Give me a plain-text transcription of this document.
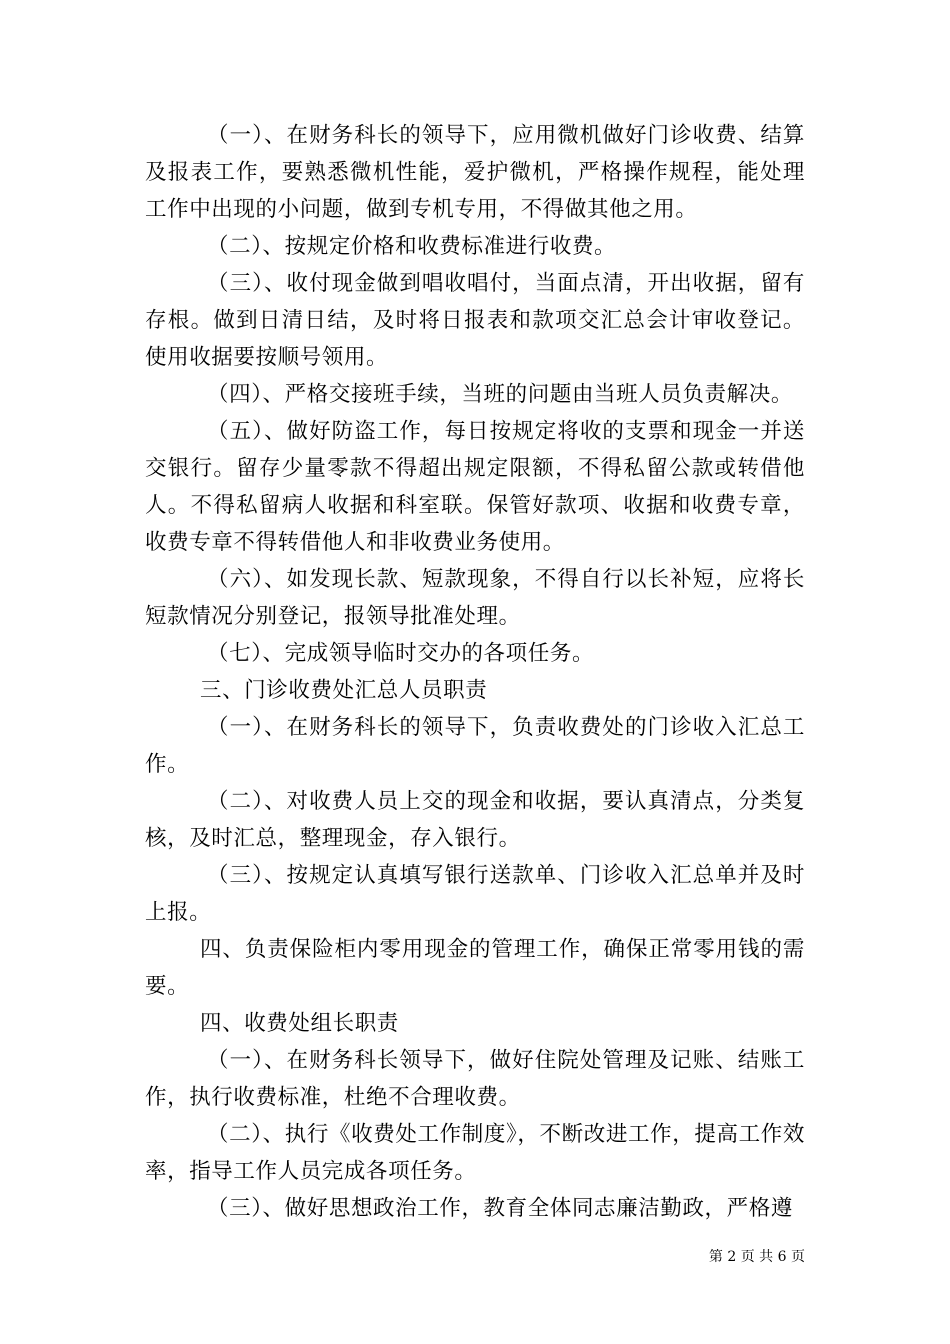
（一）、在财务科长的领导下，应用微机做好门诊收费、结算及报表工作，要熟悉微机性能，爱护微机，严格操作规程，能处理工作中出现的小问题，做到专机专用，不得做其他之用。

（二）、按规定价格和收费标准进行收费。

（三）、收付现金做到唱收唱付，当面点清，开出收据，留有存根。做到日清日结，及时将日报表和款项交汇总会计审收登记。使用收据要按顺号领用。

（四）、严格交接班手续，当班的问题由当班人员负责解决。

（五）、做好防盗工作，每日按规定将收的支票和现金一并送交银行。留存少量零款不得超出规定限额，不得私留公款或转借他人。不得私留病人收据和科室联。保管好款项、收据和收费专章，收费专章不得转借他人和非收费业务使用。

（六）、如发现长款、短款现象，不得自行以长补短，应将长短款情况分别登记，报领导批准处理。

（七）、完成领导临时交办的各项任务。

三、门诊收费处汇总人员职责

（一）、在财务科长的领导下，负责收费处的门诊收入汇总工作。

（二）、对收费人员上交的现金和收据，要认真清点，分类复核，及时汇总，整理现金，存入银行。

（三）、按规定认真填写银行送款单、门诊收入汇总单并及时上报。

四、负责保险柜内零用现金的管理工作，确保正常零用钱的需要。

四、收费处组长职责

（一）、在财务科长领导下，做好住院处管理及记账、结账工作，执行收费标准，杜绝不合理收费。

（二）、执行《收费处工作制度》，不断改进工作，提高工作效率，指导工作人员完成各项任务。

（三）、做好思想政治工作，教育全体同志廉洁勤政，严格遵

第 2 页 共 6 页
